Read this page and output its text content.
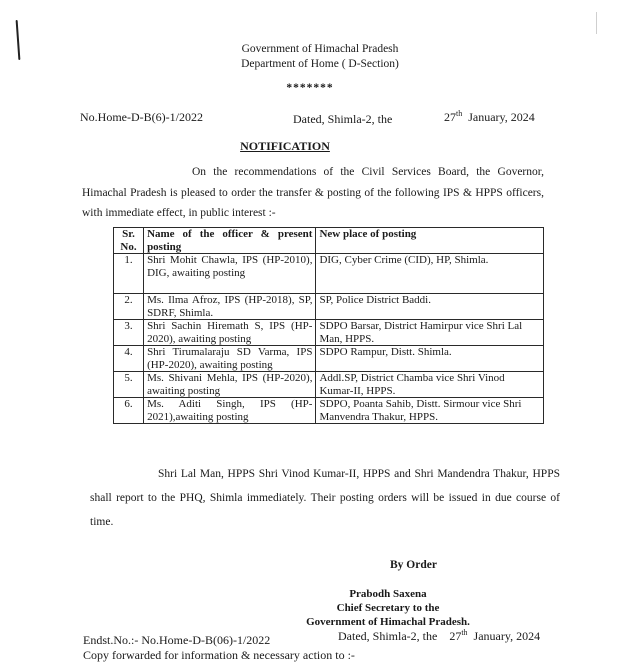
Government of Himachal Pradesh
Department of Home ( D-Section)
*******
No.Home-D-B(6)-1/2022	Dated, Shimla-2, the	27th January, 2024
NOTIFICATION
On the recommendations of the Civil Services Board, the Governor, Himachal Pradesh is pleased to order the transfer & posting of the following IPS & HPPS officers, with immediate effect, in public interest :-
Sr. No.	Name of the officer & present posting	New place of posting
1.	Shri Mohit Chawla, IPS (HP-2010), DIG, awaiting posting	DIG, Cyber Crime (CID), HP, Shimla.
2.	Ms. Ilma Afroz, IPS (HP-2018), SP, SDRF, Shimla.	SP, Police District Baddi.
3.	Shri Sachin Hiremath S, IPS (HP-2020), awaiting posting	SDPO Barsar, District Hamirpur vice Shri Lal Man, HPPS.
4.	Shri Tirumalaraju SD Varma, IPS (HP-2020), awaiting posting	SDPO Rampur, Distt. Shimla.
5.	Ms. Shivani Mehla, IPS (HP-2020), awaiting posting	Addl.SP, District Chamba vice Shri Vinod Kumar-II, HPPS.
6.	Ms. Aditi Singh, IPS (HP-2021),awaiting posting	SDPO, Poanta Sahib, Distt. Sirmour vice Shri Manvendra Thakur, HPPS.
Shri Lal Man, HPPS Shri Vinod Kumar-II, HPPS and Shri Mandendra Thakur, HPPS shall report to the PHQ, Shimla immediately. Their posting orders will be issued in due course of time.
By Order
Prabodh Saxena
Chief Secretary to the
Government of Himachal Pradesh.
Endst.No.:- No.Home-D-B(06)-1/2022	Dated, Shimla-2, the 27th January, 2024
Copy forwarded for information & necessary action to :-
